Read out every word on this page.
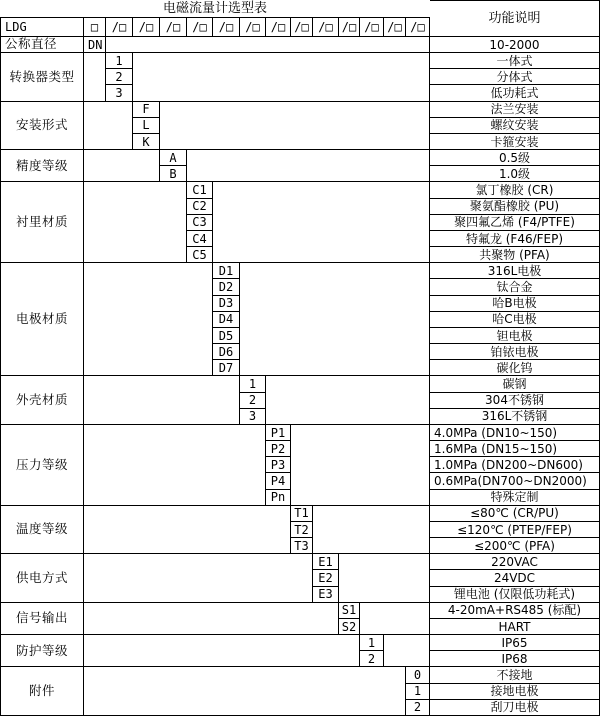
电磁流量计选型表
功能说明
LDG	□
公称直径	DN	10-2000
/□	/□	/□	/□	/□	/□ /□ /□ /□ /□ /□ /□ /□
转换器类型
1	一体式
2	分体式
3	低功耗式
安装形式
F	法兰安装
L	螺纹安装
K	卡箍安装
精度等级	A	0.5级
B	1.0级
衬里材质
C1	氯丁橡胶 (CR)
C2	聚氨酯橡胶 (PU)
C3	聚四氟乙烯 (F4/PTFE)
C4	特氟龙 (F46/FEP)
C5	共聚物 (PFA)
电极材质
D1	316L电极
D2	钛合金
D3	哈B电极
D4	哈C电极
D5	钽电极
D6	铂铱电极
D7	碳化钨
外壳材质
1	碳钢
2	304不锈钢
3	316L不锈钢
压力等级
P1	4.0MPa (DN10~150)
P2	1.6MPa (DN15~150)
P3	1.0MPa (DN200~DN600)
P4	0.6MPa(DN700~DN2000)
Pn	特殊定制
温度等级
T1	≤80℃ (CR/PU)
T2	≤120℃ (PTEP/FEP)
T3	≤200℃ (PFA)
供电方式
E1	220VAC
E2	24VDC
E3	锂电池 (仅限低功耗式)
信号输出	S1	4-20mA+RS485 (标配)
S2	HART
防护等级	1	IP65
2	IP68
附件
0	不接地
1	接地电极
2	刮刀电极
